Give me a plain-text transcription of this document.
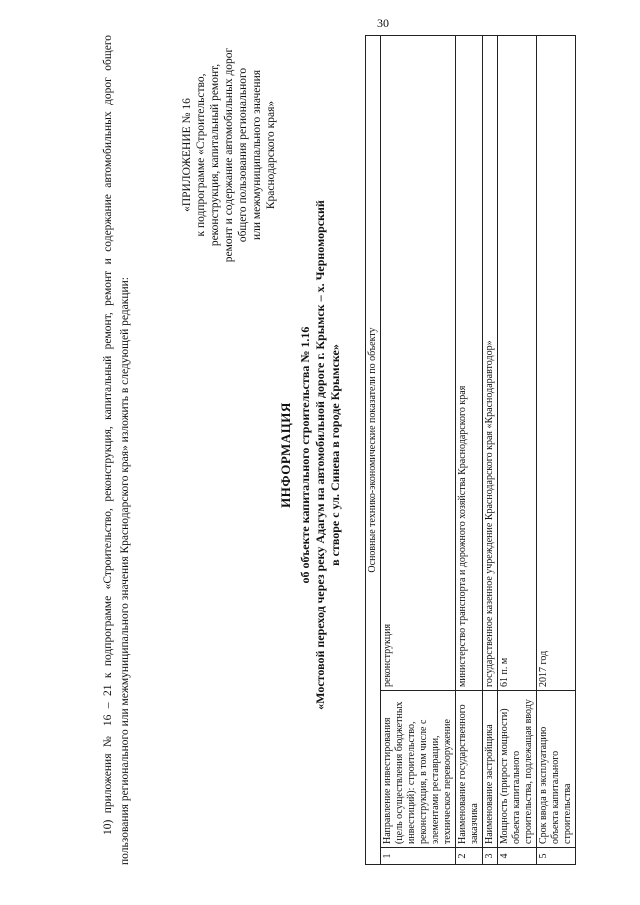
30

10) приложения № 16 – 21 к подпрограмме «Строительство, реконструкция, капитальный ремонт, ремонт и содержание автомобильных дорог общего пользования регионального или межмуниципального значения Краснодарского края» изложить в следующей редакции:

«ПРИЛОЖЕНИЕ № 16 к подпрограмме «Строительство, реконструкция, капитальный ремонт, ремонт и содержание автомобильных дорог общего пользования регионального или межмуниципального значения Краснодарского края»
ИНФОРМАЦИЯ об объекте капитального строительства № 1.16 «Мостовой переход через реку Адагум на автомобильной дороге г. Крымск – х. Черноморский в створе с ул. Синева в городе Крымске»	Основные технико-экономические показатели по объекту		
1	Направление инвестирования (цель осуществления бюджетных инвестиций): строительство, реконструкция, в том числе с элементами реставрации, техническое перевооружение	реконструкция
2	Наименование государственного заказчика	министерство транспорта и дорожного хозяйства Краснодарского края
3	Наименование застройщика	государственное казенное учреждение Краснодарского края «Краснодаравтодор»
4	Мощность (прирост мощности) объекта капитального строительства, подлежащая вводу	61 п. м
5	Срок ввода в эксплуатацию объекта капитального строительства	2017 год
